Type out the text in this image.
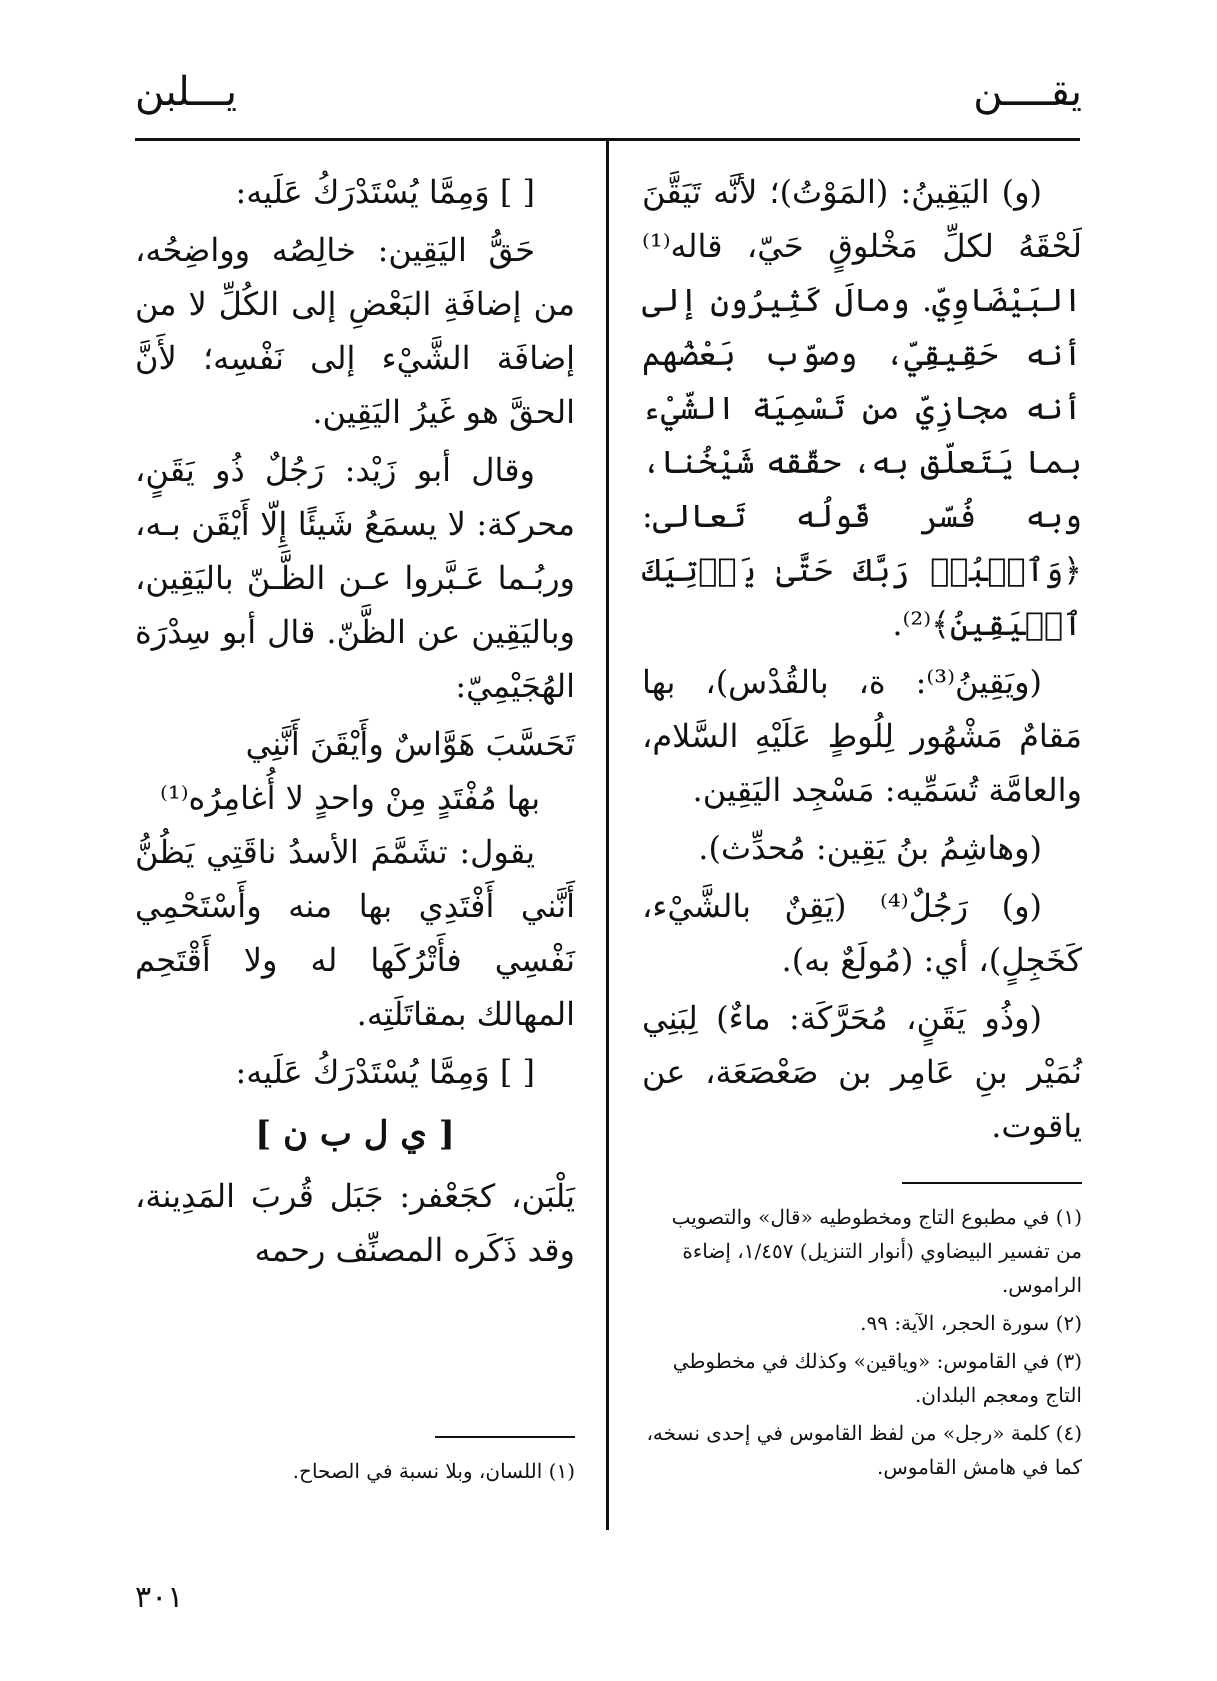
يقــــن
يـــلبن

(و) اليَقِينُ: (المَوْتُ)؛ لأنَّه تَيَقَّنَ لَحْقَهُ لكلِّ مَخْلوقٍ حَيّ، قاله⁽¹⁾ البَيْضَاوِيّ. ومالَ كَثِيرُون إلى أنه حَقِيقِيّ، وصوّب بَعْضُهم أنه مجازِيّ من تَسْمِيَة الشّيْء بما يَتَعلّق به، حقّقه شَيْخُنا، وبه فُسّر قَولُه تَعالى: ﴿وَٱعۡبُدۡ رَبَّكَ حَتَّىٰ يَأۡتِيَكَ ٱلۡيَقِينُ﴾⁽²⁾.

(ويَقِينُ⁽³⁾: ة، بالقُدْس)، بها مَقامٌ مَشْهُور لِلُوطٍ عَلَيْهِ السَّلام، والعامَّة تُسَمِّيه: مَسْجِد اليَقِين.

(وهاشِمُ بنُ يَقِين: مُحدِّث).

(و) رَجُلٌ⁽⁴⁾ (يَقِنٌ بالشَّيْء، كَخَجِلٍ)، أي: (مُولَعٌ به).

(وذُو يَقَنٍ، مُحَرَّكَة: ماءٌ) لِبَنِي نُمَيْر بنِ عَامِر بن صَعْصَعَة، عن ياقوت.

[ ] وَمِمَّا يُسْتَدْرَكُ عَلَيه:

حَقُّ اليَقِين: خالِصُه وواضِحُه، من إضافَةِ البَعْضِ إلى الكُلِّ لا من إضافَة الشَّيْء إلى نَفْسِه؛ لأَنَّ الحقَّ هو غَيرُ اليَقِين.

وقال أبو زَيْد: رَجُلٌ ذُو يَقَنٍ، محركة: لا يسمَعُ شَيئًا إِلّا أَيْقَن بـه، وربُـما عَـبَّروا عـن الظَّـنّ باليَقِين، وباليَقِين عن الظَّنّ. قال أبو سِدْرَة الهُجَيْمِيّ:

تَحَسَّبَ هَوَّاسٌ وأَيْقَنَ أَنَّنِي

بها مُفْتَدٍ مِنْ واحدٍ لا أُغامِرُه⁽¹⁾

يقول: تشَمَّمَ الأسدُ ناقَتِي يَظُنُّ أَنَّني أَفْتَدِي بها منه وأَسْتَحْمِي نَفْسِي فأَتْرُكَها له ولا أَقْتَحِم المهالك بمقاتَلَتِه.

[ ] وَمِمَّا يُسْتَدْرَكُ عَلَيه:

[ ي ل ب ن ]

يَلْبَن، كجَعْفر: جَبَل قُربَ المَدِينة، وقد ذَكَره المصنِّف رحمه

(١) في مطبوع التاج ومخطوطيه «قال» والتصويب من تفسير البيضاوي (أنوار التنزيل) ١/٤٥٧، إضاءة الراموس.

(٢) سورة الحجر، الآية: ٩٩.

(٣) في القاموس: «وياقين» وكذلك في مخطوطي التاج ومعجم البلدان.

(٤) كلمة «رجل» من لفظ القاموس في إحدى نسخه، كما في هامش القاموس.

(١) اللسان، وبلا نسبة في الصحاح.

٣٠١
